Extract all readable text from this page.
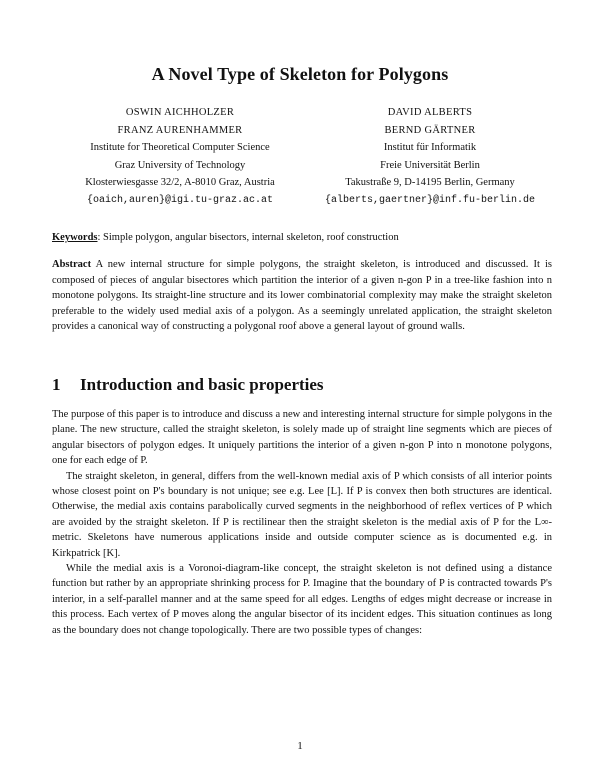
A Novel Type of Skeleton for Polygons
OSWIN AICHHOLZER
FRANZ AURENHAMMER
Institute for Theoretical Computer Science
Graz University of Technology
Klosterwiesgasse 32/2, A-8010 Graz, Austria
{oaich,auren}@igi.tu-graz.ac.at
DAVID ALBERTS
BERND GÄRTNER
Institut für Informatik
Freie Universität Berlin
Takustraße 9, D-14195 Berlin, Germany
{alberts,gaertner}@inf.fu-berlin.de
Keywords: Simple polygon, angular bisectors, internal skeleton, roof construction
Abstract A new internal structure for simple polygons, the straight skeleton, is introduced and discussed. It is composed of pieces of angular bisectores which partition the interior of a given n-gon P in a tree-like fashion into n monotone polygons. Its straight-line structure and its lower combinatorial complexity may make the straight skeleton preferable to the widely used medial axis of a polygon. As a seemingly unrelated application, the straight skeleton provides a canonical way of constructing a polygonal roof above a general layout of ground walls.
1 Introduction and basic properties

The purpose of this paper is to introduce and discuss a new and interesting internal structure for simple polygons in the plane. The new structure, called the straight skeleton, is solely made up of straight line segments which are pieces of angular bisectors of polygon edges. It uniquely partitions the interior of a given n-gon P into n monotone polygons, one for each edge of P.

The straight skeleton, in general, differs from the well-known medial axis of P which consists of all interior points whose closest point on P's boundary is not unique; see e.g. Lee [L]. If P is convex then both structures are identical. Otherwise, the medial axis contains parabolically curved segments in the neighborhood of reflex vertices of P which are avoided by the straight skeleton. If P is rectilinear then the straight skeleton is the medial axis of P for the L∞-metric. Skeletons have numerous applications inside and outside computer science as is documented e.g. in Kirkpatrick [K].

While the medial axis is a Voronoi-diagram-like concept, the straight skeleton is not defined using a distance function but rather by an appropriate shrinking process for P. Imagine that the boundary of P is contracted towards P's interior, in a self-parallel manner and at the same speed for all edges. Lengths of edges might decrease or increase in this process. Each vertex of P moves along the angular bisector of its incident edges. This situation continues as long as the boundary does not change topologically. There are two possible types of changes:

1
